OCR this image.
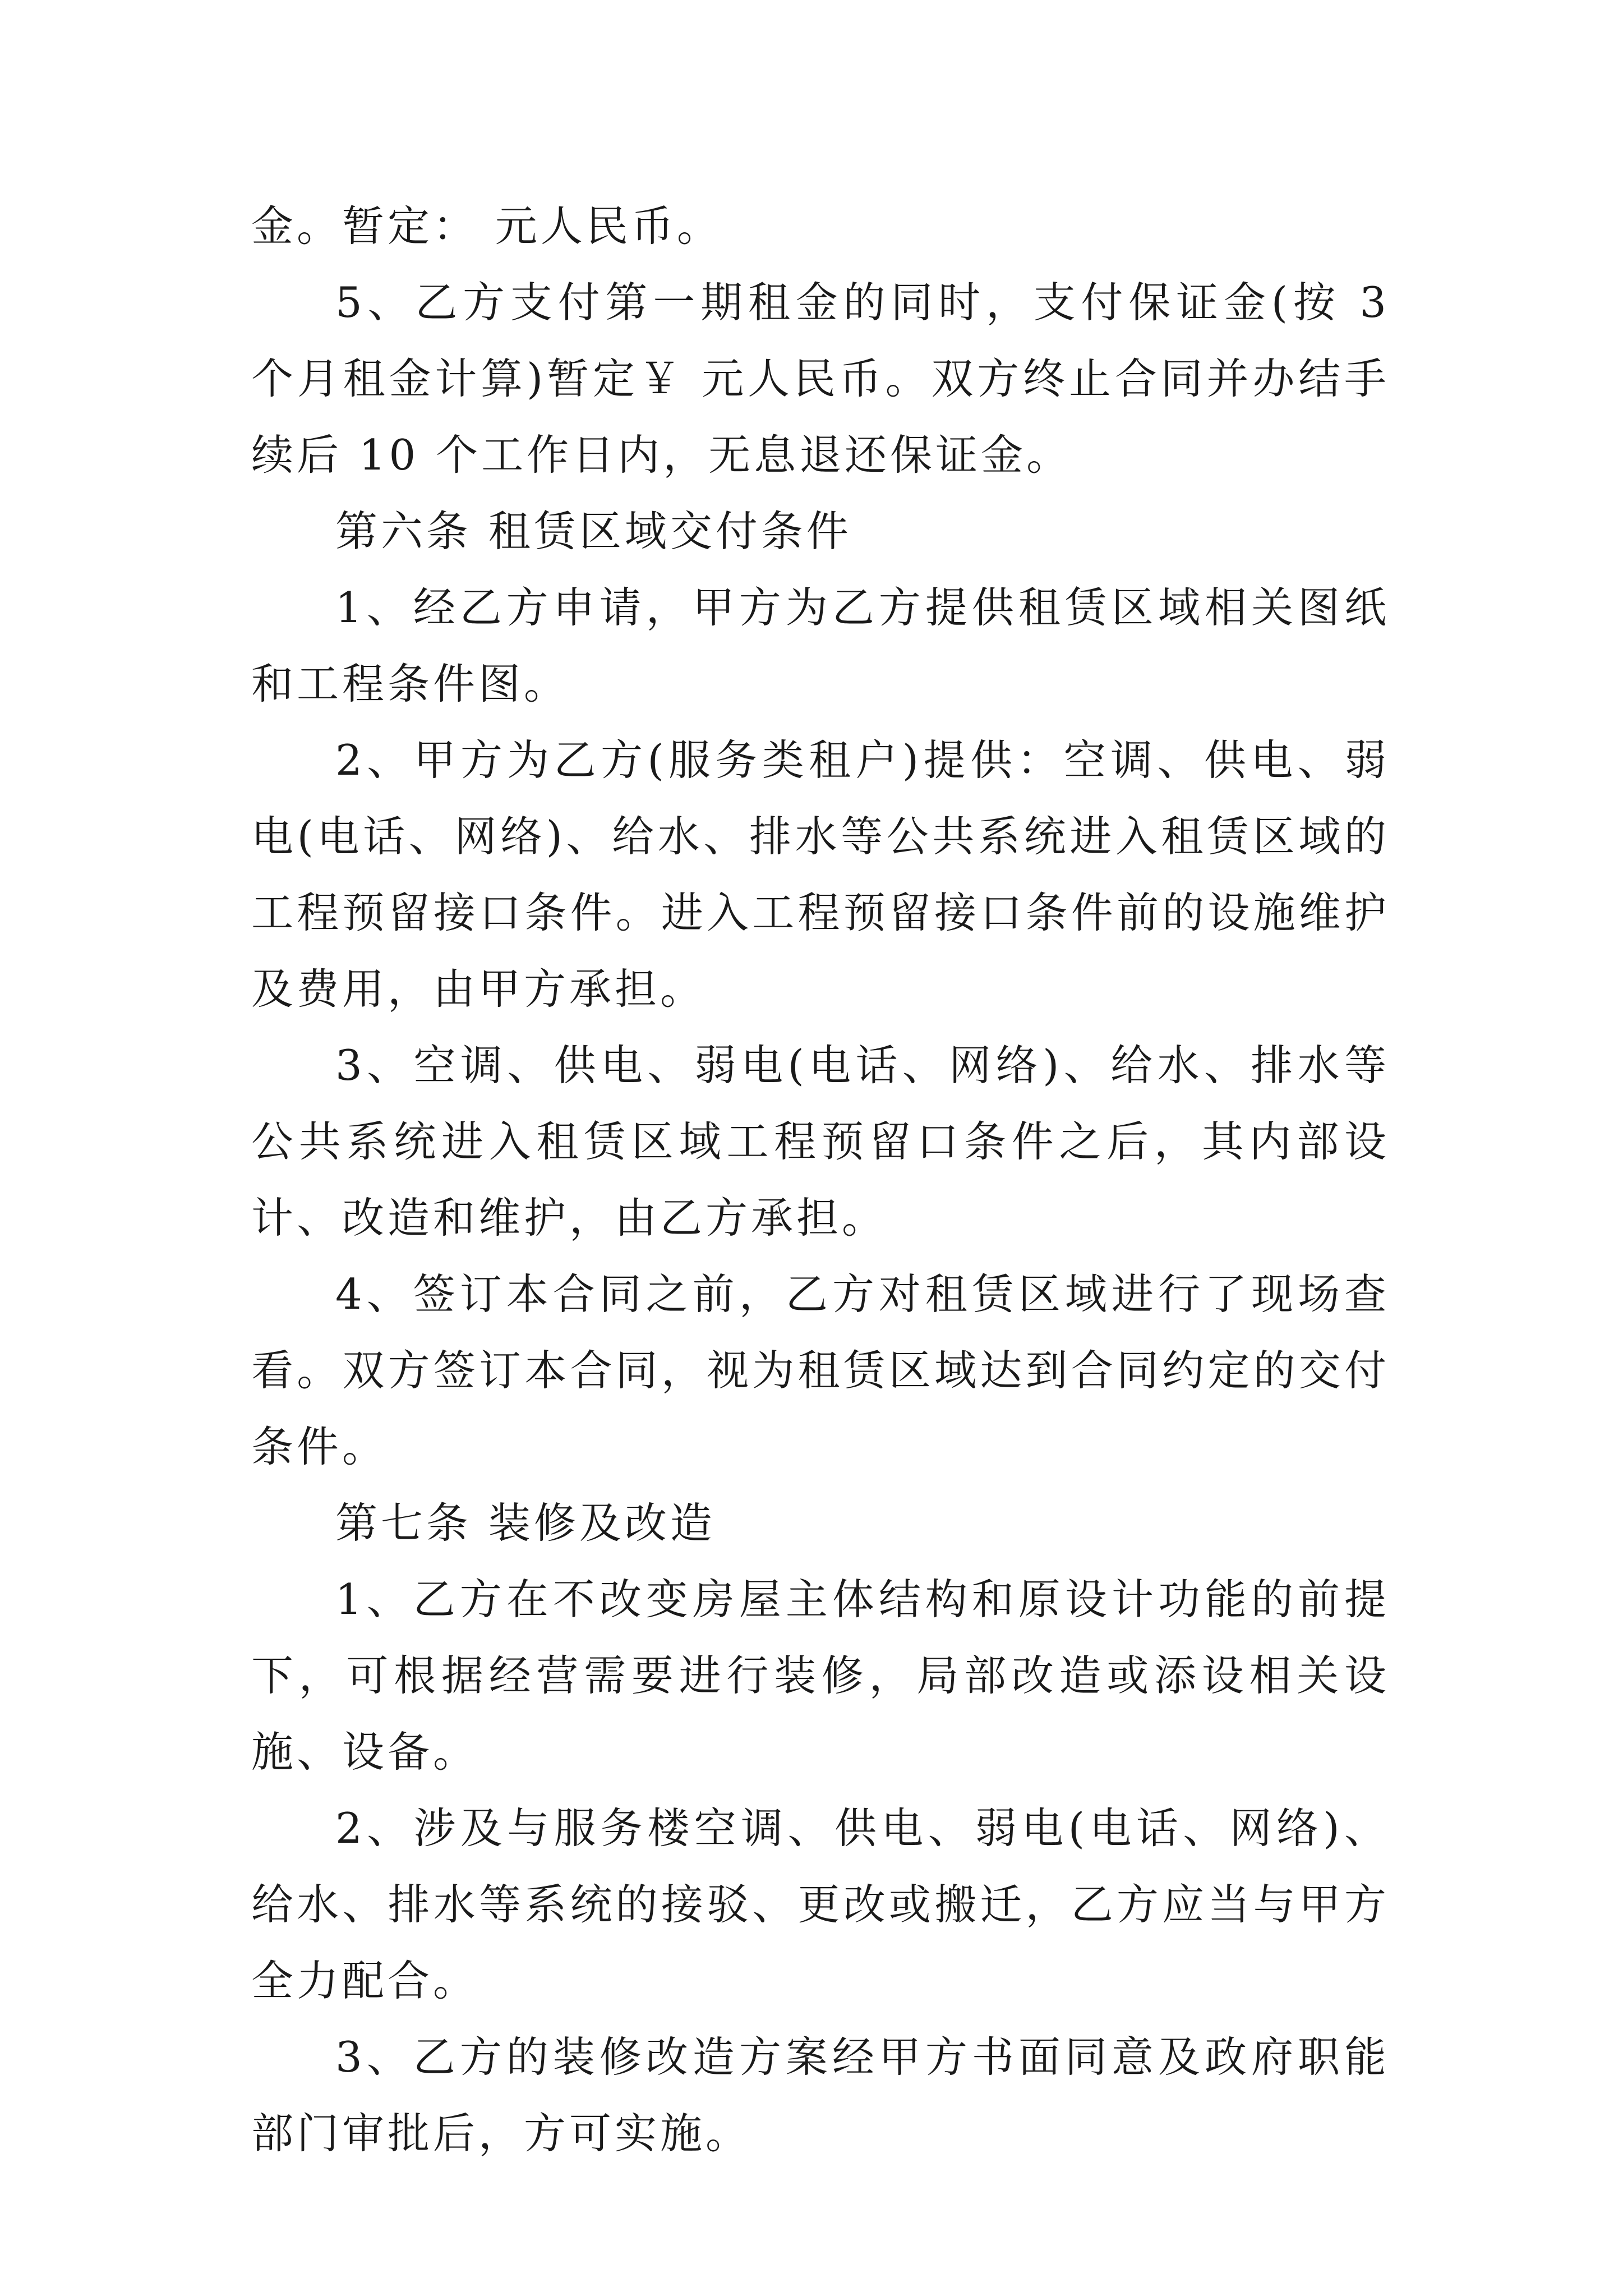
金。暂定： 元人民币。

5、乙方支付第一期租金的同时，支付保证金(按 3 个月租金计算)暂定￥ 元人民币。双方终止合同并办结手续后 10 个工作日内，无息退还保证金。

第六条 租赁区域交付条件

1、经乙方申请，甲方为乙方提供租赁区域相关图纸和工程条件图。

2、甲方为乙方(服务类租户)提供：空调、供电、弱电(电话、网络)、给水、排水等公共系统进入租赁区域的工程预留接口条件。进入工程预留接口条件前的设施维护及费用，由甲方承担。

3、空调、供电、弱电(电话、网络)、给水、排水等公共系统进入租赁区域工程预留口条件之后，其内部设计、改造和维护，由乙方承担。

4、签订本合同之前，乙方对租赁区域进行了现场查看。双方签订本合同，视为租赁区域达到合同约定的交付条件。

第七条 装修及改造

1、乙方在不改变房屋主体结构和原设计功能的前提下，可根据经营需要进行装修，局部改造或添设相关设施、设备。

2、涉及与服务楼空调、供电、弱电(电话、网络)、给水、排水等系统的接驳、更改或搬迁，乙方应当与甲方全力配合。

3、乙方的装修改造方案经甲方书面同意及政府职能部门审批后，方可实施。
